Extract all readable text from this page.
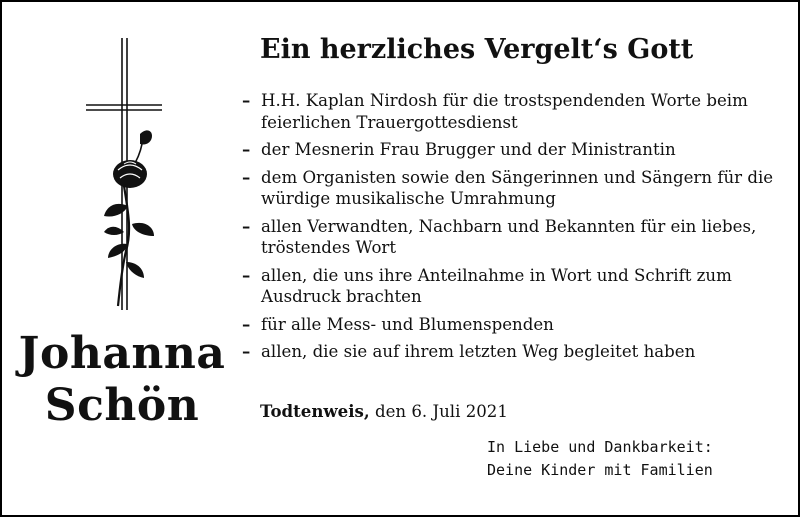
Johanna
Schön
Ein herzliches Vergelt‘s Gott
– H.H. Kaplan Nirdosh für die trostspendenden Worte beim feierlichen Trauergottesdienst
– der Mesnerin Frau Brugger und der Ministrantin
– dem Organisten sowie den Sängerinnen und Sängern für die würdige musikalische Umrahmung
– allen Verwandten, Nachbarn und Bekannten für ein liebes, tröstendes Wort
– allen, die uns ihre Anteilnahme in Wort und Schrift zum Ausdruck brachten
– für alle Mess- und Blumenspenden
– allen, die sie auf ihrem letzten Weg begleitet haben
Todtenweis, den 6. Juli 2021
In Liebe und Dankbarkeit:
Deine Kinder mit Familien
